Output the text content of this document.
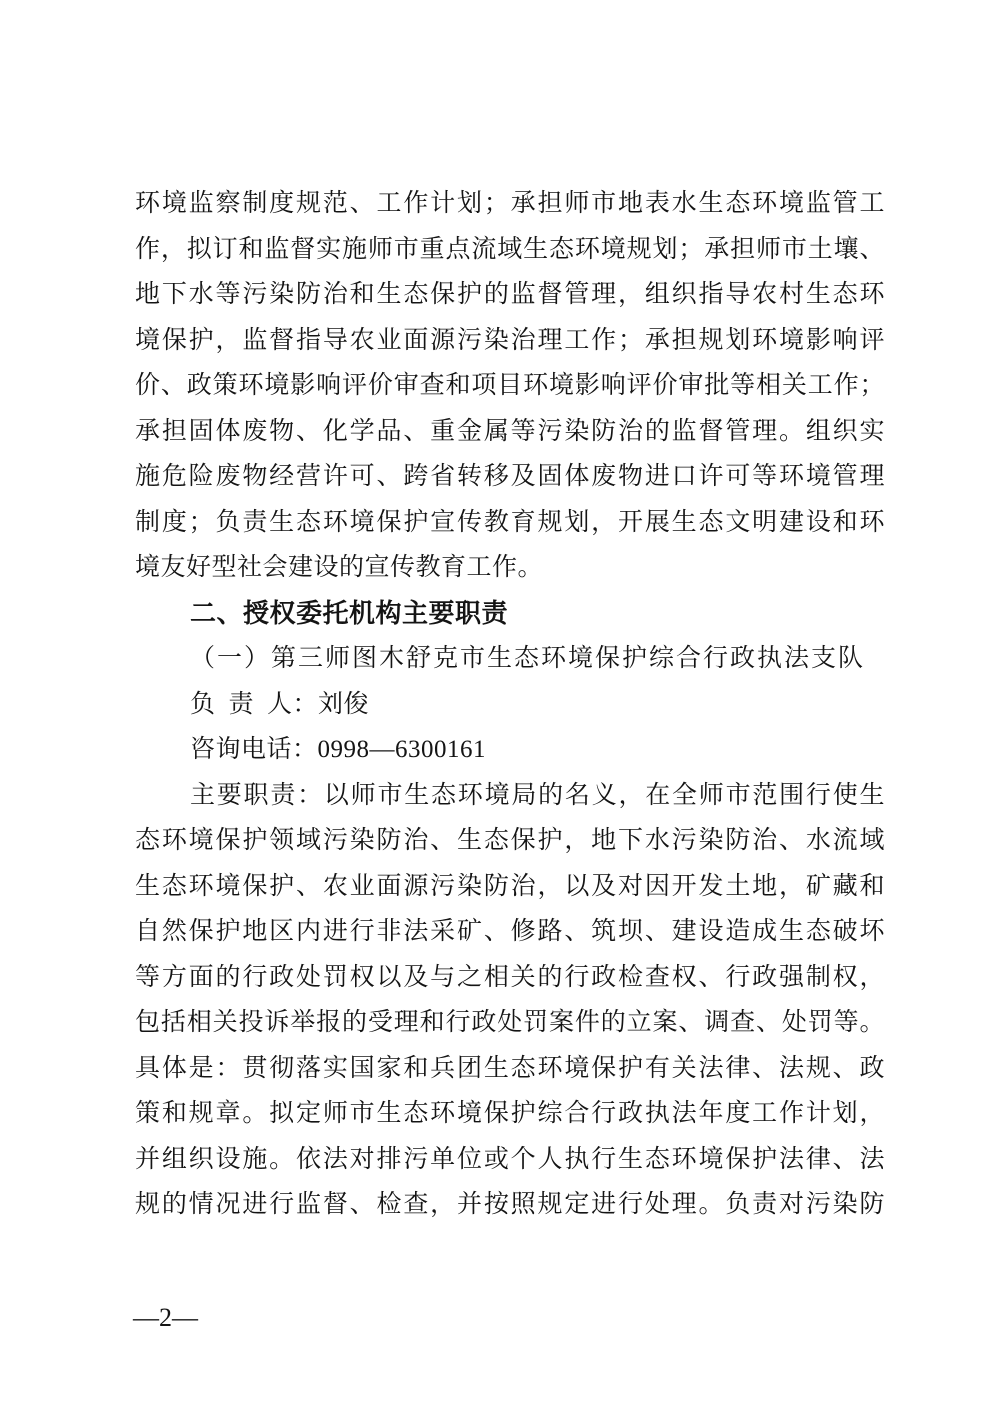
环境监察制度规范、工作计划；承担师市地表水生态环境监管工
作，拟订和监督实施师市重点流域生态环境规划；承担师市土壤、
地下水等污染防治和生态保护的监督管理，组织指导农村生态环
境保护，监督指导农业面源污染治理工作；承担规划环境影响评
价、政策环境影响评价审查和项目环境影响评价审批等相关工作；
承担固体废物、化学品、重金属等污染防治的监督管理。组织实
施危险废物经营许可、跨省转移及固体废物进口许可等环境管理
制度；负责生态环境保护宣传教育规划，开展生态文明建设和环
境友好型社会建设的宣传教育工作。
二、授权委托机构主要职责
（一）第三师图木舒克市生态环境保护综合行政执法支队
负 责 人：刘俊
咨询电话：0998—6300161
主要职责：以师市生态环境局的名义，在全师市范围行使生
态环境保护领域污染防治、生态保护，地下水污染防治、水流域
生态环境保护、农业面源污染防治，以及对因开发土地，矿藏和
自然保护地区内进行非法采矿、修路、筑坝、建设造成生态破坏
等方面的行政处罚权以及与之相关的行政检查权、行政强制权，
包括相关投诉举报的受理和行政处罚案件的立案、调查、处罚等。
具体是：贯彻落实国家和兵团生态环境保护有关法律、法规、政
策和规章。拟定师市生态环境保护综合行政执法年度工作计划，
并组织设施。依法对排污单位或个人执行生态环境保护法律、法
规的情况进行监督、检查，并按照规定进行处理。负责对污染防
—2—
